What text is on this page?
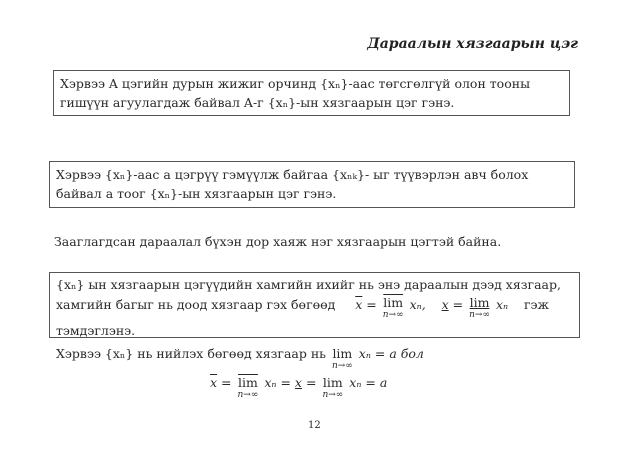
Дараалын хязгаарын цэг
Хэрвээ A цэгийн дурын жижиг орчинд {xₙ}-аас төгсгөлгүй олон тооны
гишүүн агуулагдаж байвал A-г {xₙ}-ын хязгаарын цэг гэнэ.
Хэрвээ {xₙ}-аас a цэгрүү гэмүүлж байгаа {xₙₖ}- ыг түүвэрлэн авч болох
байвал a тоог {xₙ}-ын хязгаарын цэг гэнэ.
Зааглагдсан дараалал бүхэн дор хаяж нэг хязгаарын цэгтэй байна.
{xₙ} ын хязгаарын цэгүүдийн хамгийн ихийг нь энэ дараалын дээд хязгаар,
хамгийн багыг нь доод хязгаар гэх бөгөөд $\overline{x} = \overline{lim}$
n→∞
xₙ, x = lim
n→∞
xₙ гэж
тэмдэглэнэ.
Хэрвээ {xₙ} нь нийлэх бөгөөд хязгаар нь lim
n→∞
xₙ = a бол
$\overline{x} = \overline{lim}$
n→∞
xₙ = x = lim
n→∞
xₙ = a
12
